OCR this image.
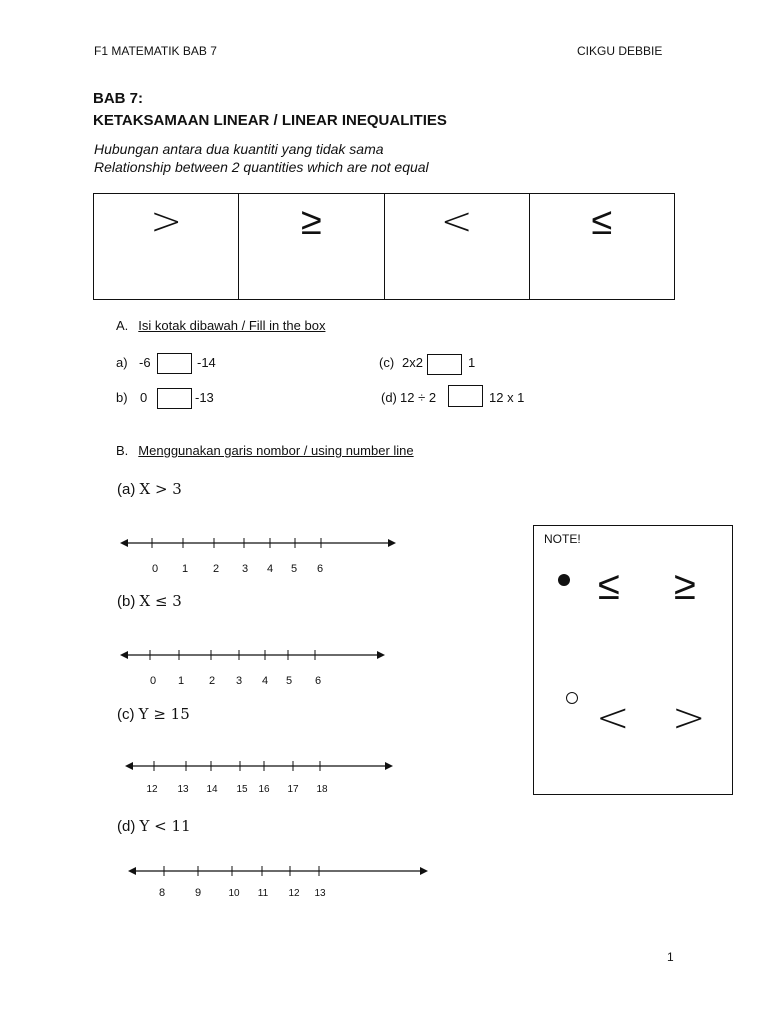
F1 MATEMATIK BAB 7	CIKGU DEBBIE
BAB 7:
KETAKSAMAAN LINEAR / LINEAR INEQUALITIES
Hubungan antara dua kuantiti yang tidak sama
Relationship between 2 quantities which are not equal
>	≥	<	≤
A. Isi kotak dibawah / Fill in the box
a) -6	-14	(c) 2x2	1
b) 0	-13	(d) 12 ÷ 2	12 x 1
B. Menggunakan garis nombor / using number line
(a) X > 3
0 1 2 3 4 5 6
(b) X ≤ 3
0 1 2 3 4 5 6
(c) Y ≥ 15
12 13 14 15 16 17 18
(d) Y < 11
8	9	10 11 12 13
NOTE!
≤ ≥
< >
1
